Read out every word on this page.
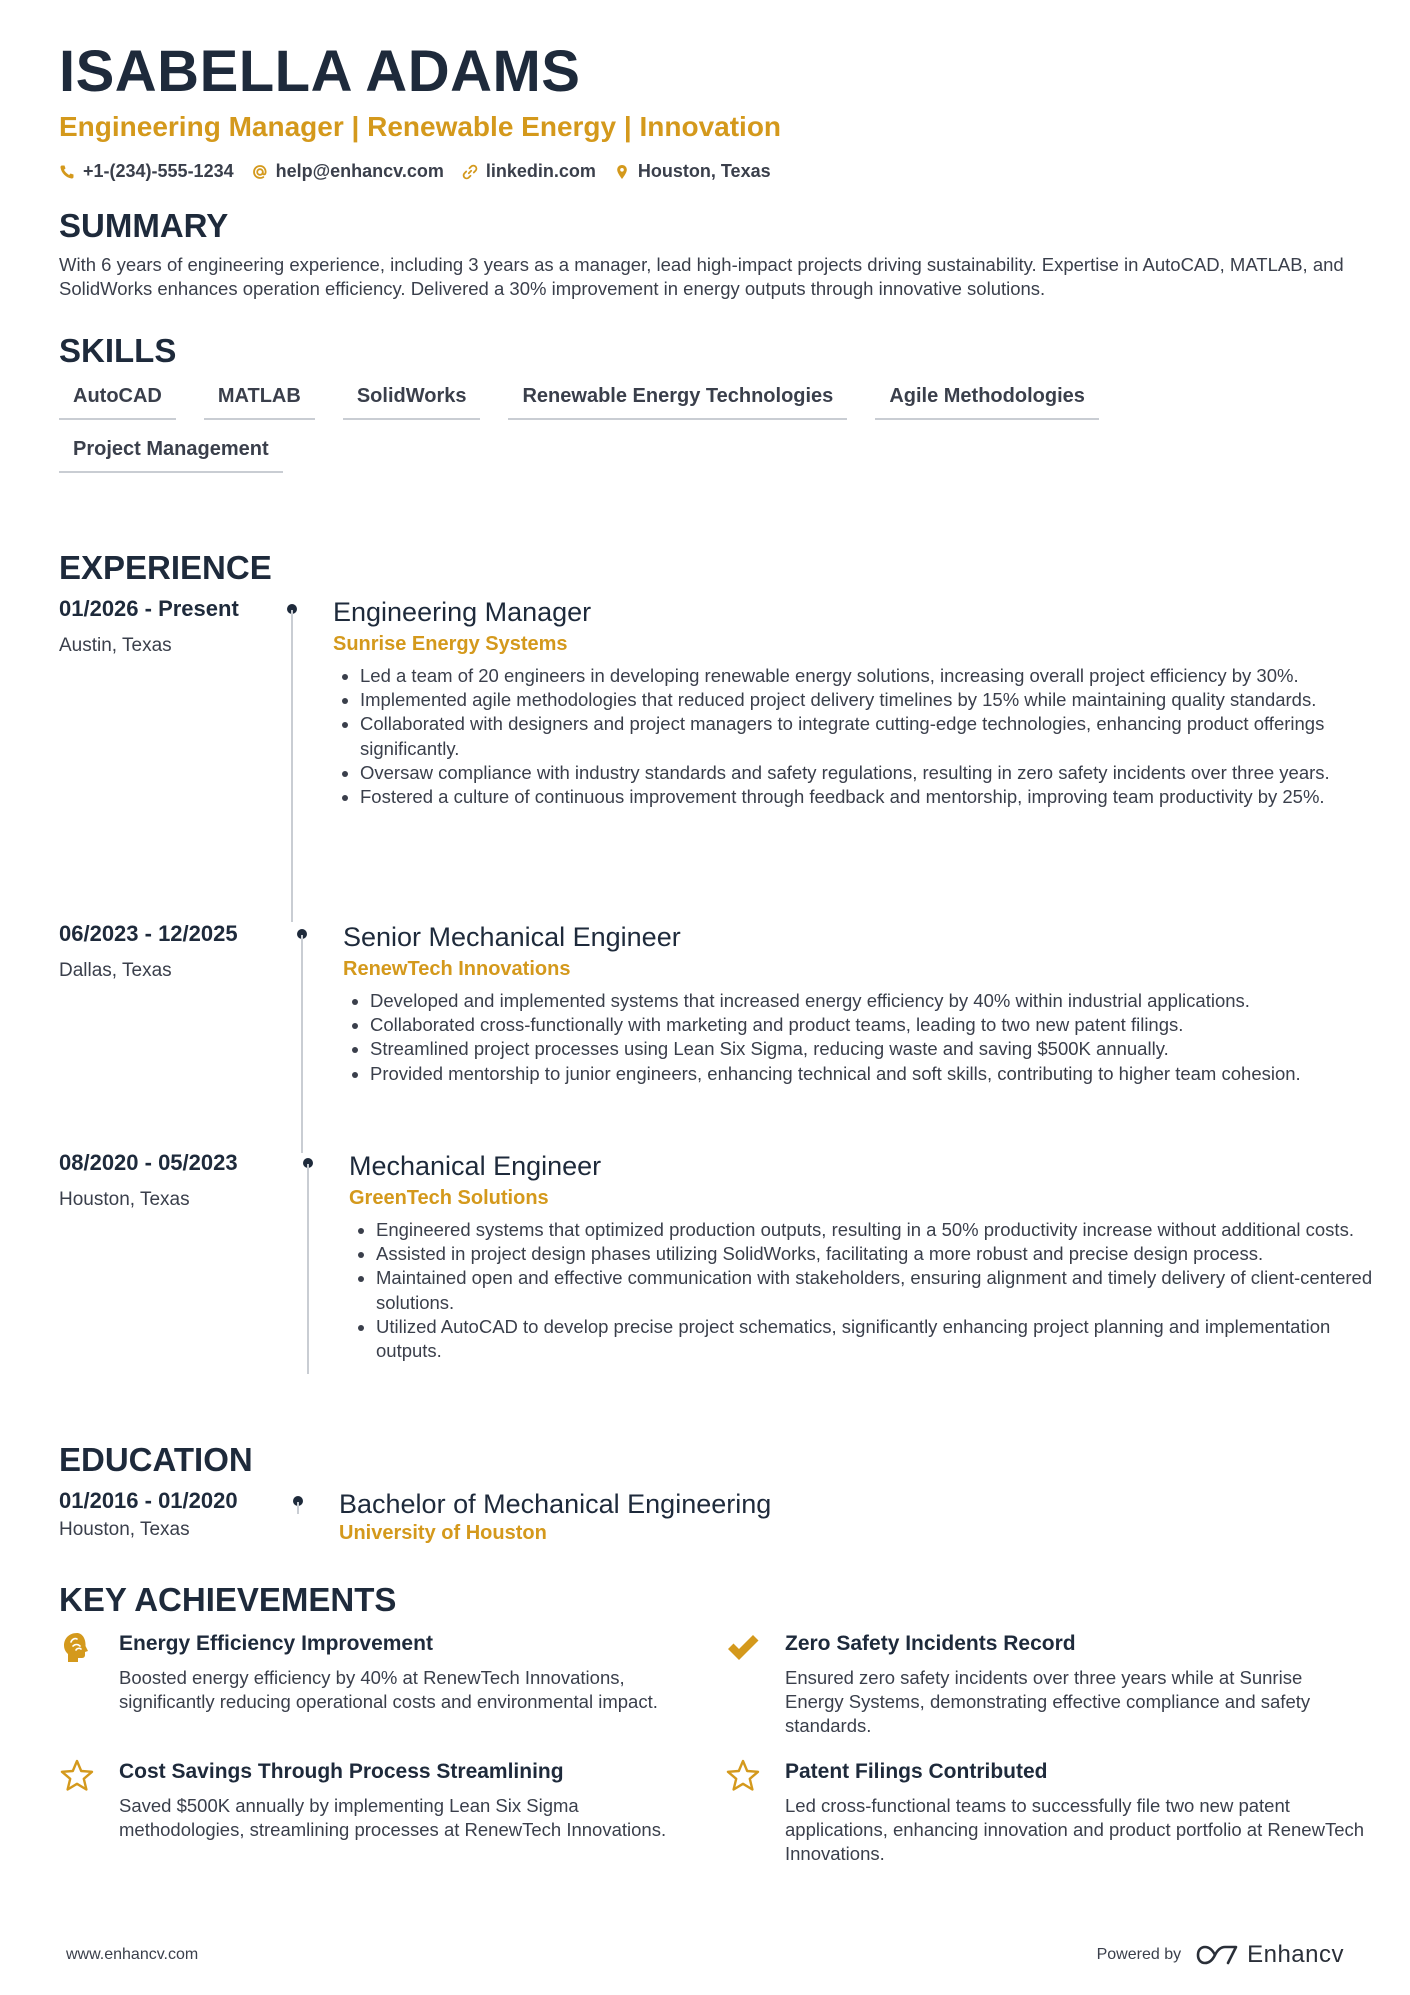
ISABELLA ADAMS
Engineering Manager | Renewable Energy | Innovation
+1-(234)-555-1234 help@enhancv.com linkedin.com Houston, Texas
SUMMARY
With 6 years of engineering experience, including 3 years as a manager, lead high-impact projects driving sustainability. Expertise in AutoCAD, MATLAB, and SolidWorks enhances operation efficiency. Delivered a 30% improvement in energy outputs through innovative solutions.
SKILLS
AutoCAD	MATLAB	SolidWorks	Renewable Energy Technologies	Agile Methodologies
Project Management
EXPERIENCE
01/2026 - Present
Austin, Texas
Engineering Manager
Sunrise Energy Systems
• Led a team of 20 engineers in developing renewable energy solutions, increasing overall project efficiency by 30%.
• Implemented agile methodologies that reduced project delivery timelines by 15% while maintaining quality standards.
• Collaborated with designers and project managers to integrate cutting-edge technologies, enhancing product offerings significantly.
• Oversaw compliance with industry standards and safety regulations, resulting in zero safety incidents over three years.
• Fostered a culture of continuous improvement through feedback and mentorship, improving team productivity by 25%.
06/2023 - 12/2025
Dallas, Texas
Senior Mechanical Engineer
RenewTech Innovations
• Developed and implemented systems that increased energy efficiency by 40% within industrial applications.
• Collaborated cross-functionally with marketing and product teams, leading to two new patent filings.
• Streamlined project processes using Lean Six Sigma, reducing waste and saving $500K annually.
• Provided mentorship to junior engineers, enhancing technical and soft skills, contributing to higher team cohesion.
08/2020 - 05/2023
Houston, Texas
Mechanical Engineer
GreenTech Solutions
• Engineered systems that optimized production outputs, resulting in a 50% productivity increase without additional costs.
• Assisted in project design phases utilizing SolidWorks, facilitating a more robust and precise design process.
• Maintained open and effective communication with stakeholders, ensuring alignment and timely delivery of client-centered solutions.
• Utilized AutoCAD to develop precise project schematics, significantly enhancing project planning and implementation outputs.
EDUCATION
01/2016 - 01/2020
Houston, Texas
Bachelor of Mechanical Engineering
University of Houston
KEY ACHIEVEMENTS
Energy Efficiency Improvement
Boosted energy efficiency by 40% at RenewTech Innovations, significantly reducing operational costs and environmental impact.
Zero Safety Incidents Record
Ensured zero safety incidents over three years while at Sunrise Energy Systems, demonstrating effective compliance and safety standards.
Cost Savings Through Process Streamlining
Saved $500K annually by implementing Lean Six Sigma methodologies, streamlining processes at RenewTech Innovations.
Patent Filings Contributed
Led cross-functional teams to successfully file two new patent applications, enhancing innovation and product portfolio at RenewTech Innovations.
www.enhancv.com	Powered by	Enhancv
